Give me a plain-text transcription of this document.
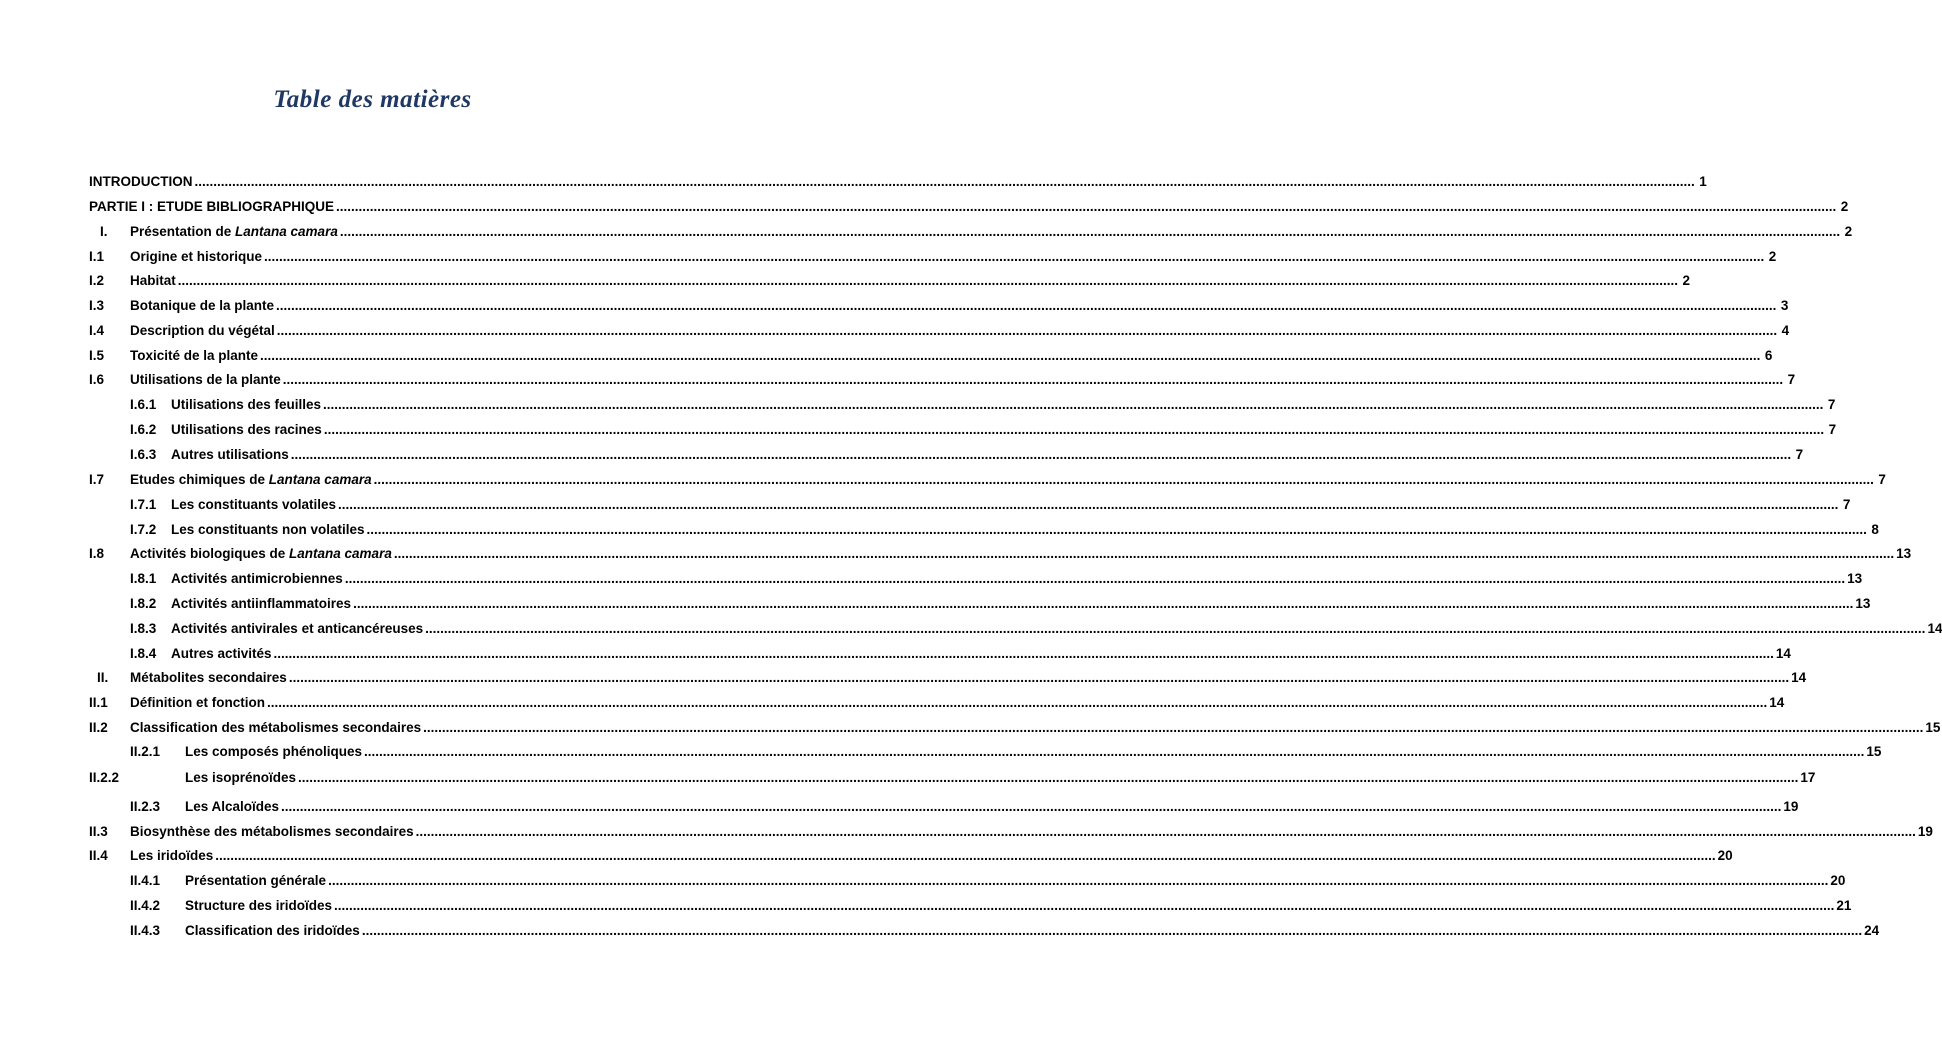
Table des matières
INTRODUCTION ................................................................................................................................................................................................................................................................................................................................................................................................................ 1
PARTIE I : ETUDE BIBLIOGRAPHIQUE ................................................................................................................................................................................................................................................................................................................................................................................................................ 2
I. Présentation de Lantana camara ................................................................................................................................................................................................................................................................................................................................................................................................................ 2
I.1 Origine et historique ................................................................................................................................................................................................................................................................................................................................................................................................................ 2
I.2 Habitat ................................................................................................................................................................................................................................................................................................................................................................................................................ 2
I.3 Botanique de la plante ................................................................................................................................................................................................................................................................................................................................................................................................................ 3
I.4 Description du végétal ................................................................................................................................................................................................................................................................................................................................................................................................................ 4
I.5 Toxicité de la plante ................................................................................................................................................................................................................................................................................................................................................................................................................ 6
I.6 Utilisations de la plante ................................................................................................................................................................................................................................................................................................................................................................................................................ 7
I.6.1 Utilisations des feuilles ................................................................................................................................................................................................................................................................................................................................................................................................................ 7
I.6.2 Utilisations des racines ................................................................................................................................................................................................................................................................................................................................................................................................................ 7
I.6.3 Autres utilisations ................................................................................................................................................................................................................................................................................................................................................................................................................ 7
I.7 Etudes chimiques de Lantana camara ................................................................................................................................................................................................................................................................................................................................................................................................................ 7
I.7.1 Les constituants volatiles ................................................................................................................................................................................................................................................................................................................................................................................................................ 7
I.7.2 Les constituants non volatiles ................................................................................................................................................................................................................................................................................................................................................................................................................ 8
I.8 Activités biologiques de Lantana camara ................................................................................................................................................................................................................................................................................................................................................................................................................ 13
I.8.1 Activités antimicrobiennes ................................................................................................................................................................................................................................................................................................................................................................................................................ 13
I.8.2 Activités antiinflammatoires ................................................................................................................................................................................................................................................................................................................................................................................................................ 13
I.8.3 Activités antivirales et anticancéreuses ................................................................................................................................................................................................................................................................................................................................................................................................................ 14
I.8.4 Autres activités ................................................................................................................................................................................................................................................................................................................................................................................................................ 14
II. Métabolites secondaires ................................................................................................................................................................................................................................................................................................................................................................................................................ 14
II.1 Définition et fonction ................................................................................................................................................................................................................................................................................................................................................................................................................ 14
II.2 Classification des métabolismes secondaires ................................................................................................................................................................................................................................................................................................................................................................................................................ 15
II.2.1 Les composés phénoliques ................................................................................................................................................................................................................................................................................................................................................................................................................ 15
II.2.2	Les isoprénoïdes ................................................................................................................................................................................................................................................................................................................................................................................................................ 17
II.2.3 Les Alcaloïdes ................................................................................................................................................................................................................................................................................................................................................................................................................ 19
II.3 Biosynthèse des métabolismes secondaires ................................................................................................................................................................................................................................................................................................................................................................................................................ 19
II.4 Les iridoïdes ................................................................................................................................................................................................................................................................................................................................................................................................................ 20
II.4.1 Présentation générale ................................................................................................................................................................................................................................................................................................................................................................................................................ 20
II.4.2 Structure des iridoïdes ................................................................................................................................................................................................................................................................................................................................................................................................................ 21
II.4.3 Classification des iridoïdes ................................................................................................................................................................................................................................................................................................................................................................................................................ 24
